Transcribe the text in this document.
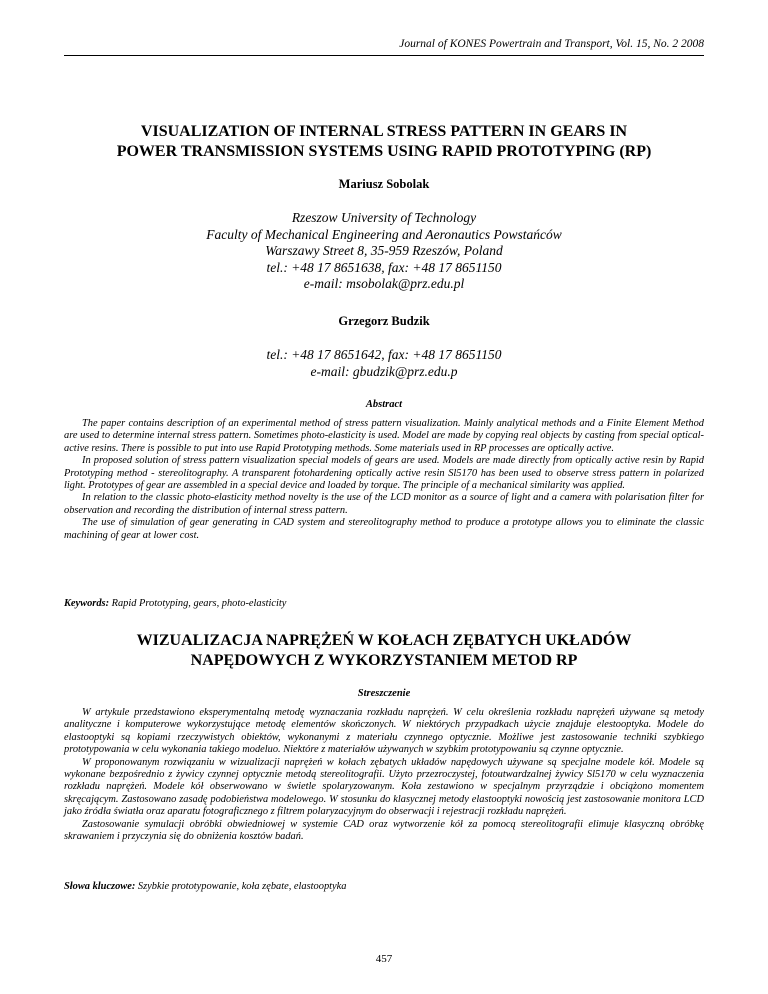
Journal of KONES Powertrain and Transport, Vol. 15, No. 2 2008
VISUALIZATION OF INTERNAL STRESS PATTERN IN GEARS IN
POWER TRANSMISSION SYSTEMS USING RAPID PROTOTYPING (RP)
Mariusz Sobolak
Rzeszow University of Technology
Faculty of Mechanical Engineering and Aeronautics Powstańców
Warszawy Street 8, 35-959 Rzeszów, Poland
tel.: +48 17 8651638, fax: +48 17 8651150
e-mail: msobolak@prz.edu.pl
Grzegorz Budzik
tel.: +48 17 8651642, fax: +48 17 8651150
e-mail: gbudzik@prz.edu.p
Abstract

The paper contains description of an experimental method of stress pattern visualization. Mainly analytical methods and a Finite Element Method are used to determine internal stress pattern. Sometimes photo-elasticity is used. Model are made by copying real objects by casting from special optical-active resins. There is possible to put into use Rapid Prototyping methods. Some materials used in RP processes are optically active.

In proposed solution of stress pattern visualization special models of gears are used. Models are made directly from optically active resin by Rapid Prototyping method - stereolitography. A transparent fotohardening optically active resin Sl5170 has been used to observe stress pattern in polarized light. Prototypes of gear are assembled in a special device and loaded by torque. The principle of a mechanical similarity was applied.

In relation to the classic photo-elasticity method novelty is the use of the LCD monitor as a source of light and a camera with polarisation filter for observation and recording the distribution of internal stress pattern.

The use of simulation of gear generating in CAD system and stereolitography method to produce a prototype allows you to eliminate the classic machining of gear at lower cost.

Keywords: Rapid Prototyping, gears, photo-elasticity
WIZUALIZACJA NAPRĘŻEŃ W KOŁACH ZĘBATYCH UKŁADÓW
NAPĘDOWYCH Z WYKORZYSTANIEM METOD RP
Streszczenie

W artykule przedstawiono eksperymentalną metodę wyznaczania rozkładu naprężeń. W celu określenia rozkładu naprężeń używane są metody analityczne i komputerowe wykorzystujące metodę elementów skończonych. W niektórych przypadkach użycie znajduje elestooptyka. Modele do elastooptyki są kopiami rzeczywistych obiektów, wykonanymi z materiału czynnego optycznie. Możliwe jest zastosowanie techniki szybkiego prototypowania w celu wykonania takiego modeluo. Niektóre z materiałów używanych w szybkim prototypowaniu są czynne optycznie.

W proponowanym rozwiązaniu w wizualizacji naprężeń w kołach zębatych układów napędowych używane są specjalne modele kół. Modele są wykonane bezpośrednio z żywicy czynnej optycznie metodą stereolitografii. Użyto przezroczystej, fotoutwardzalnej żywicy Sl5170 w celu wyznaczenia rozkładu naprężeń. Modele kół obserwowano w świetle spolaryzowanym. Koła zestawiono w specjalnym przyrządzie i obciążono momentem skręcającym. Zastosowano zasadę podobieństwa modelowego. W stosunku do klasycznej metody elastooptyki nowością jest zastosowanie monitora LCD jako źródła światła oraz aparatu fotograficznego z filtrem polaryzacyjnym do obserwacji i rejestracji rozkładu naprężeń.

Zastosowanie symulacji obróbki obwiedniowej w systemie CAD oraz wytworzenie kół za pomocą stereolitografii elimuje klasyczną obróbkę skrawaniem i przyczynia się do obniżenia kosztów badań.

Słowa kluczowe: Szybkie prototypowanie, koła zębate, elastooptyka
457
